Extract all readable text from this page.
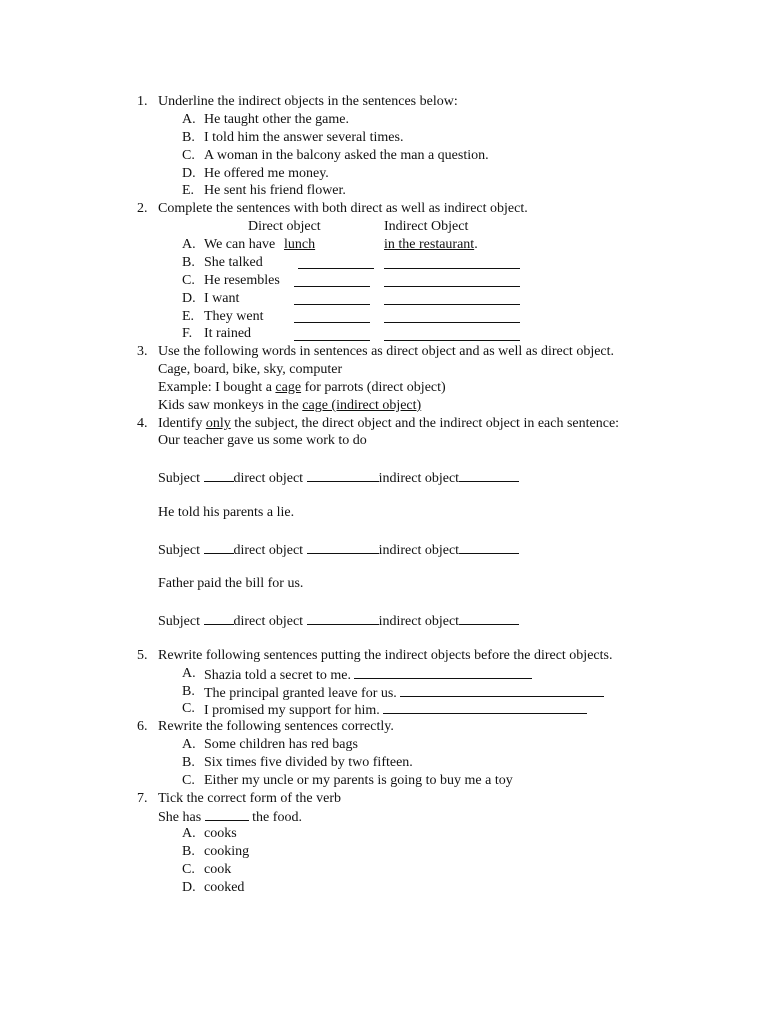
1. Underline the indirect objects in the sentences below:
A. He taught other the game.
B. I told him the answer several times.
C. A woman in the balcony asked the man a question.
D. He offered me money.
E. He sent his friend flower.
2. Complete the sentences with both direct as well as indirect object.
Direct object	Indirect Object
A. We can have lunch	in the restaurant.
B. She talked
C. He resembles
D. I want
E. They went
F. It rained
3. Use the following words in sentences as direct object and as well as direct object.
Cage, board, bike, sky, computer
Example: I bought a cage for parrots (direct object)
Kids saw monkeys in the cage (indirect object)
4. Identify only the subject, the direct object and the indirect object in each sentence:
Our teacher gave us some work to do
Subject direct object	indirect object
He told his parents a lie.
Subject direct object	indirect object
Father paid the bill for us.
Subject direct object	indirect object
5. Rewrite following sentences putting the indirect objects before the direct objects.
A. Shazia told a secret to me.
B. The principal granted leave for us.
C. I promised my support for him.
6. Rewrite the following sentences correctly.
A. Some children has red bags
B. Six times five divided by two fifteen.
C. Either my uncle or my parents is going to buy me a toy
7. Tick the correct form of the verb
She has	the food.
A. cooks
B. cooking
C. cook
D. cooked
